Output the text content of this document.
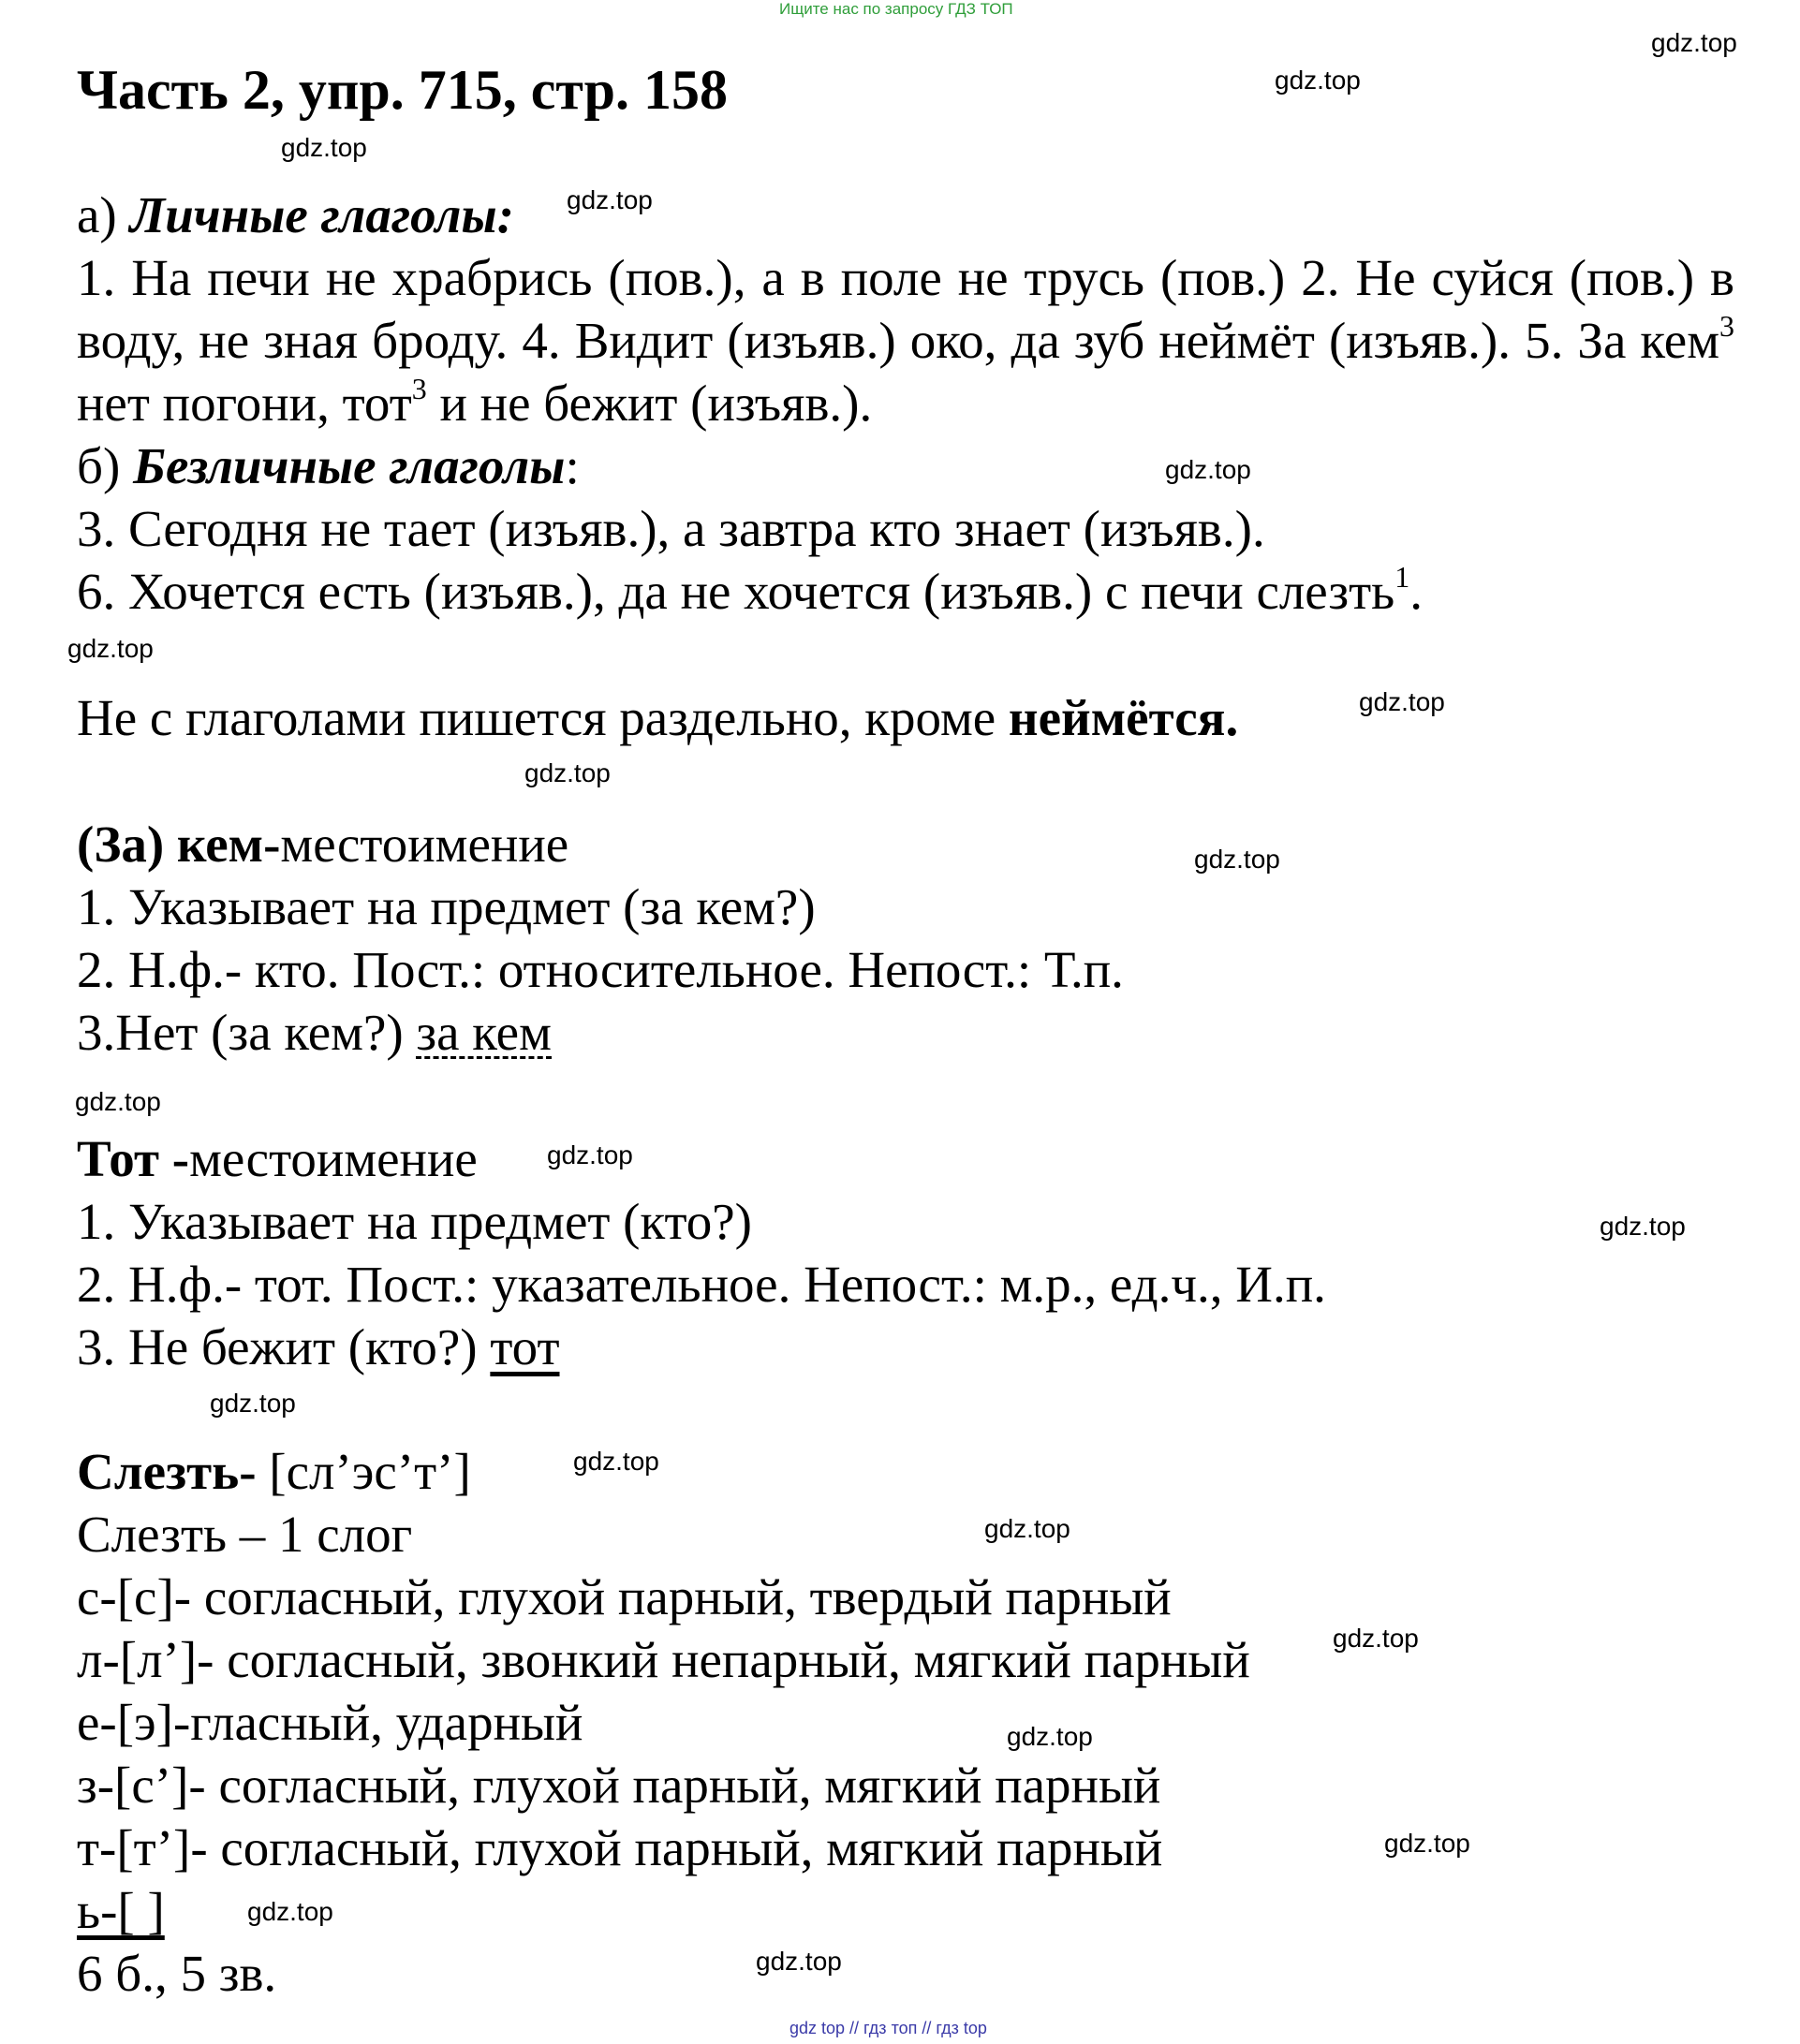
Ищите нас по запросу ГДЗ ТОП
Часть 2, упр. 715, стр. 158
а) Личные глаголы:
1. На печи не храбрись (пов.), а в поле не трусь (пов.) 2. Не суйся (пов.) в воду, не зная броду. 4. Видит (изъяв.) око, да зуб неймёт (изъяв.). 5. За кем$^3$ нет погони, тот$^3$ и не бежит (изъяв.).
б) Безличные глаголы:
3. Сегодня не тает (изъяв.), а завтра кто знает (изъяв.).
6. Хочется есть (изъяв.), да не хочется (изъяв.) с печи слезть$^1$.
Не с глаголами пишется раздельно, кроме неймётся.
(За) кем-местоимение
1. Указывает на предмет (за кем?)
2. Н.ф.- кто. Пост.: относительное. Непост.: Т.п.
3.Нет (за кем?) за кем
Тот -местоимение
1. Указывает на предмет (кто?)
2. Н.ф.- тот. Пост.: указательное. Непост.: м.р., ед.ч., И.п.
3. Не бежит (кто?) тот
Слезть- [сл’эс’т’]
Слезть – 1 слог
с-[с]- согласный, глухой парный, твердый парный
л-[л’]- согласный, звонкий непарный, мягкий парный
е-[э]-гласный, ударный
з-[с’]- согласный, глухой парный, мягкий парный
т-[т’]- согласный, глухой парный, мягкий парный
ь-[ ]
6 б., 5 зв.
gdz.top
gdz.top
gdz.top
gdz.top
gdz.top
gdz.top
gdz.top
gdz.top
gdz.top
gdz.top
gdz.top
gdz.top
gdz.top
gdz.top
gdz.top
gdz.top
gdz.top
gdz.top
gdz.top
gdz.top
gdz top // гдз топ // гдз top
